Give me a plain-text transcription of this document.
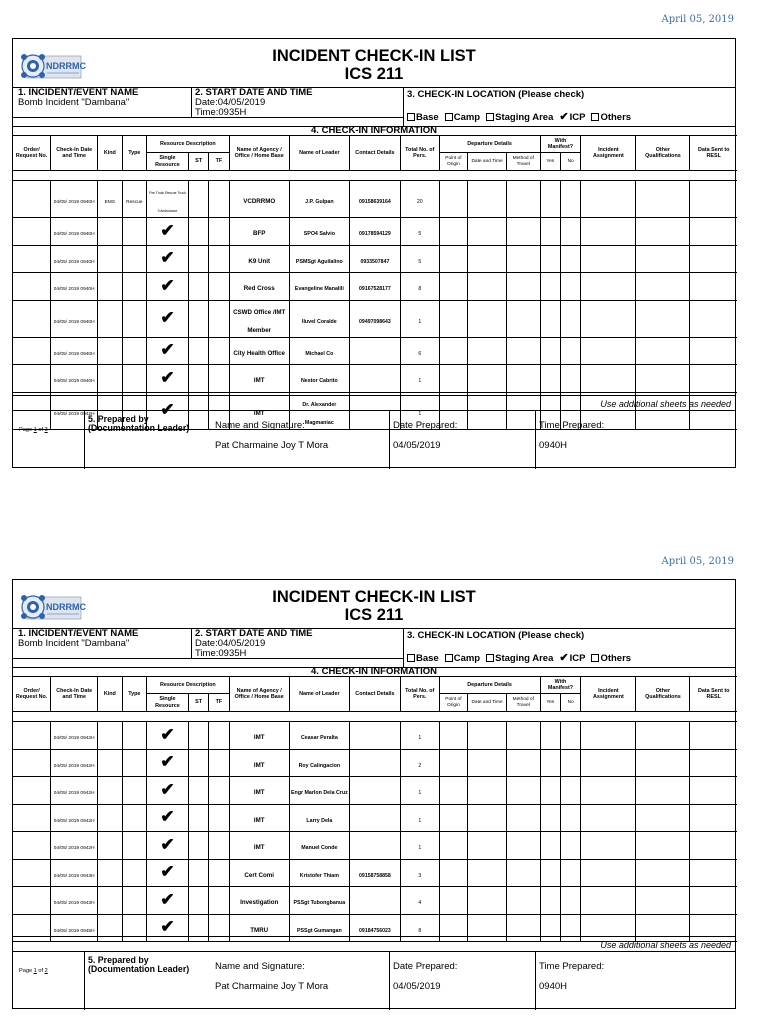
April 05, 2019
NDRRMC
INCIDENT CHECK-IN LIST
ICS 211
1. INCIDENT/EVENT NAME
Bomb Incident "Dambana"
2. START DATE AND TIME
Date:04/05/2019
Time:0935H
3. CHECK-IN LOCATION (Please check)
Base Camp Staging Area ✔ICP Others
4. CHECK-IN INFORMATION
Order/ Request No.	Check-In Date and Time	Kind	Type	Resource Description			Name of Agency / Office / Home Base	Name of Leader	Contact Details	Total No. of Pers.	Departure Details			With Manifest?		Incident Assignment	Other Qualifications	Data Sent to RESL
				Single Resource	ST	TF					Point of Origin	Date and Time	Method of Travel	Yes	No			

	04/05/ 2019 0940H	EMS	Rescue	Fire Truck Rescue Truck 3 Ambulance			VCDRRMO	J.P. Gulpan	09158639164	20								
	04/05/ 2019 0940H			✔			BFP	SPO4 Salvio	09178594129	5								
	04/05/ 2019 0940H			✔			K9 Unit	PSMSgt Aguilalino	0933507847	5								
	04/05/ 2019 0940H			✔			Red Cross	Evangeline Manalili	09167528177	8								
	04/05/ 2019 0940H			✔			CSWD Office /IMT Member	Iluvel Coralde	09497098643	1								
	04/05/ 2019 0940H			✔			City Health Office	Michael Co		6								
	04/05/ 2019 0940H			✔			IMT	Nestor Cabrito		1								
	04/05/ 2019 0942H			✔			IMT	Dr. Alexander Magmaniac		1								
Use additional sheets as needed
Page 1 of 3
5. Prepared by (Documentation Leader)	Name and Signature:
Pat Charmaine Joy T Mora
Date Prepared:
04/05/2019
Time Prepared:
0940H
April 05, 2019
NDRRMC
INCIDENT CHECK-IN LIST
ICS 211
1. INCIDENT/EVENT NAME
Bomb Incident "Dambana"
2. START DATE AND TIME
Date:04/05/2019
Time:0935H
3. CHECK-IN LOCATION (Please check)
Base Camp Staging Area ✔ICP Others
4. CHECK-IN INFORMATION
Order/ Request No.	Check-In Date and Time	Kind	Type	Resource Description			Name of Agency / Office / Home Base	Name of Leader	Contact Details	Total No. of Pers.	Departure Details			With Manifest?		Incident Assignment	Other Qualifications	Data Sent to RESL
				Single Resource	ST	TF					Point of Origin	Date and Time	Method of Travel	Yes	No			

	04/05/ 2019 0942H			✔			IMT	Ceasar Peralta		1								
	04/05/ 2019 0942H			✔			IMT	Roy Calingacion		2								
	04/05/ 2019 0942H			✔			IMT	Engr Marlon Dela Cruz		1								
	04/05/ 2019 0942H			✔			IMT	Larry Dela		1								
	04/05/ 2019 0942H			✔			IMT	Manuel Conde		1								
	04/05/ 2019 0943H			✔			Cert Comi	Kristofer Thiam	09158758858	3								
	04/05/ 2019 0943H			✔			Investigation	PSSgt Tubongbanua		4								
	04/05/ 2019 0945H			✔			TMRU	PSSgt Gumangan	09184756023	8								
Use additional sheets as needed
Page 1 of 2
5. Prepared by (Documentation Leader)	Name and Signature:
Pat Charmaine Joy T Mora
Date Prepared:
04/05/2019
Time Prepared:
0940H
